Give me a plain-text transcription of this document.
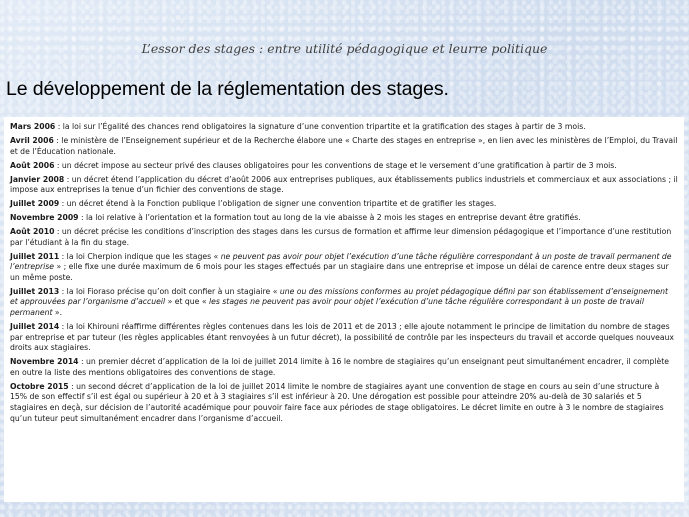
L’essor des stages : entre utilité pédagogique et leurre politique
Le développement de la réglementation des stages.

Mars 2006 : la loi sur l’Égalité des chances rend obligatoires la signature d’une convention tripartite et la gratification des stages à partir de 3 mois.

Avril 2006 : le ministère de l’Enseignement supérieur et de la Recherche élabore une « Charte des stages en entreprise », en lien avec les ministères de l’Emploi, du Travail et de l’Éducation nationale.

Août 2006 : un décret impose au secteur privé des clauses obligatoires pour les conventions de stage et le versement d’une gratification à partir de 3 mois.

Janvier 2008 : un décret étend l’application du décret d’août 2006 aux entreprises publiques, aux établissements publics industriels et commerciaux et aux associations ; il impose aux entreprises la tenue d’un fichier des conventions de stage.

Juillet 2009 : un décret étend à la Fonction publique l’obligation de signer une convention tripartite et de gratifier les stages.

Novembre 2009 : la loi relative à l’orientation et la formation tout au long de la vie abaisse à 2 mois les stages en entreprise devant être gratifiés.

Août 2010 : un décret précise les conditions d’inscription des stages dans les cursus de formation et affirme leur dimension pédagogique et l’importance d’une restitution par l’étudiant à la fin du stage.

Juillet 2011 : la loi Cherpion indique que les stages « ne peuvent pas avoir pour objet l’exécution d’une tâche régulière correspondant à un poste de travail permanent de l’entreprise » ; elle fixe une durée maximum de 6 mois pour les stages effectués par un stagiaire dans une entreprise et impose un délai de carence entre deux stages sur un même poste.

Juillet 2013 : la loi Fioraso précise qu’on doit confier à un stagiaire « une ou des missions conformes au projet pédagogique défini par son établissement d’enseignement et approuvées par l’organisme d’accueil » et que « les stages ne peuvent pas avoir pour objet l’exécution d’une tâche régulière correspondant à un poste de travail permanent ».

Juillet 2014 : la loi Khirouni réaffirme différentes règles contenues dans les lois de 2011 et de 2013 ; elle ajoute notamment le principe de limitation du nombre de stages par entreprise et par tuteur (les règles applicables étant renvoyées à un futur décret), la possibilité de contrôle par les inspecteurs du travail et accorde quelques nouveaux droits aux stagiaires.

Novembre 2014 : un premier décret d’application de la loi de juillet 2014 limite à 16 le nombre de stagiaires qu’un enseignant peut simultanément encadrer, il complète en outre la liste des mentions obligatoires des conventions de stage.

Octobre 2015 : un second décret d’application de la loi de juillet 2014 limite le nombre de stagiaires ayant une convention de stage en cours au sein d’une structure à 15% de son effectif s’il est égal ou supérieur à 20 et à 3 stagiaires s’il est inférieur à 20. Une dérogation est possible pour atteindre 20% au-delà de 30 salariés et 5 stagiaires en deçà, sur décision de l’autorité académique pour pouvoir faire face aux périodes de stage obligatoires. Le décret limite en outre à 3 le nombre de stagiaires qu’un tuteur peut simultanément encadrer dans l’organisme d’accueil.
